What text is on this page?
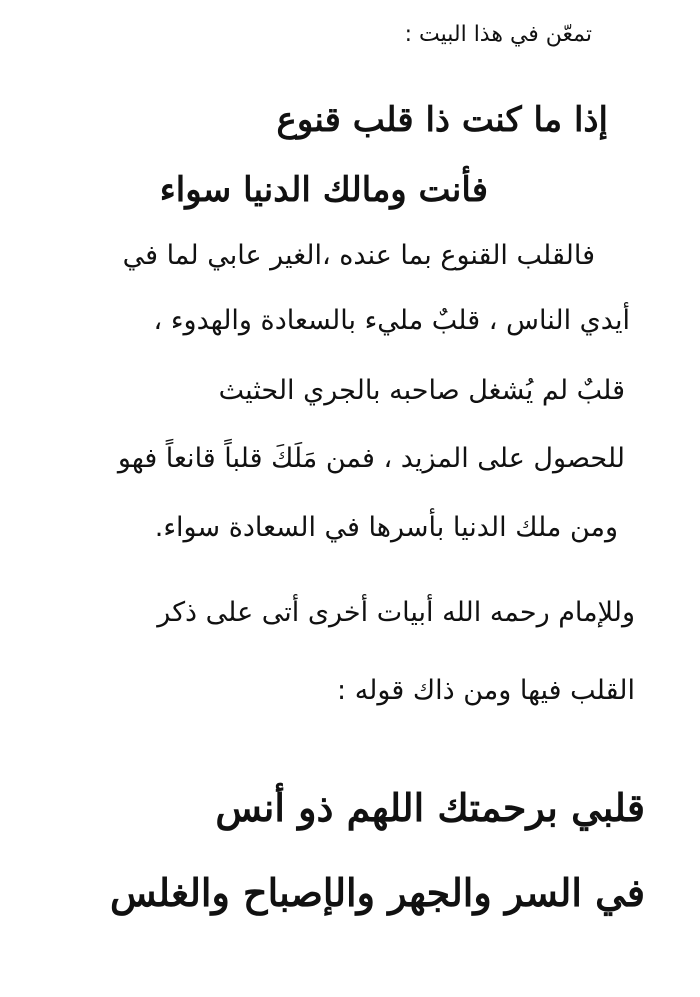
تمعّن في هذا البيت :
إذا ما كنت ذا قلب قنوع
فأنت ومالك الدنيا سواء
فالقلب القنوع بما عنده ،الغير عابي لما في
أيدي الناس ، قلبٌ مليء بالسعادة والهدوء ،
قلبٌ لم يُشغل صاحبه بالجري الحثيث
للحصول على المزيد ، فمن مَلَكَ قلباً قانعاً فهو
ومن ملك الدنيا بأسرها في السعادة سواء.
وللإمام رحمه الله أبيات أخرى أتى على ذكر
القلب فيها ومن ذاك قوله :
قلبي برحمتك اللهم ذو أنس
في السر والجهر والإصباح والغلس
